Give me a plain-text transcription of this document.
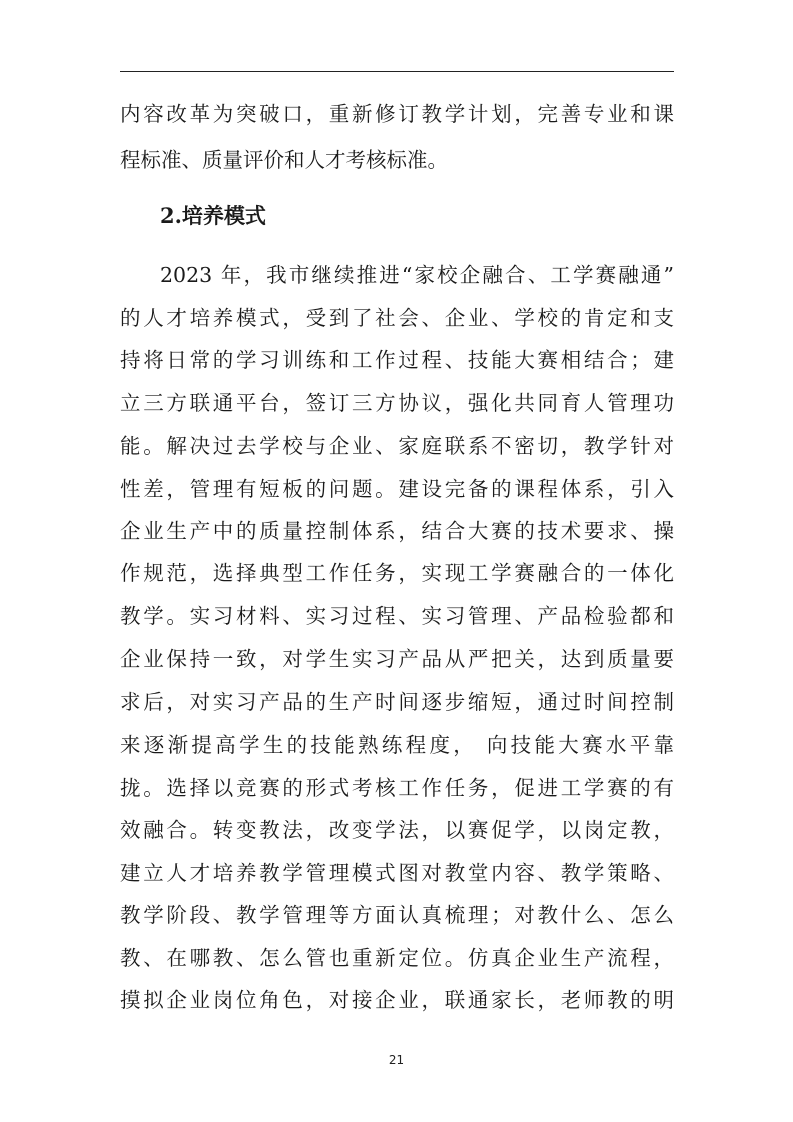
内容改革为突破口，重新修订教学计划，完善专业和课
程标准、质量评价和人才考核标准。
2.培养模式
2023 年，我市继续推进“家校企融合、工学赛融通”
的人才培养模式，受到了社会、企业、学校的肯定和支
持将日常的学习训练和工作过程、技能大赛相结合；建
立三方联通平台，签订三方协议，强化共同育人管理功
能。解决过去学校与企业、家庭联系不密切，教学针对
性差，管理有短板的问题。建设完备的课程体系，引入
企业生产中的质量控制体系，结合大赛的技术要求、操
作规范，选择典型工作任务，实现工学赛融合的一体化
教学。实习材料、实习过程、实习管理、产品检验都和
企业保持一致，对学生实习产品从严把关，达到质量要
求后，对实习产品的生产时间逐步缩短，通过时间控制
来逐渐提高学生的技能熟练程度， 向技能大赛水平靠
拢。选择以竞赛的形式考核工作任务，促进工学赛的有
效融合。转变教法，改变学法，以赛促学，以岗定教，
建立人才培养教学管理模式图对教堂内容、教学策略、
教学阶段、教学管理等方面认真梳理；对教什么、怎么
教、在哪教、怎么管也重新定位。仿真企业生产流程，
摸拟企业岗位角色，对接企业，联通家长，老师教的明
21
